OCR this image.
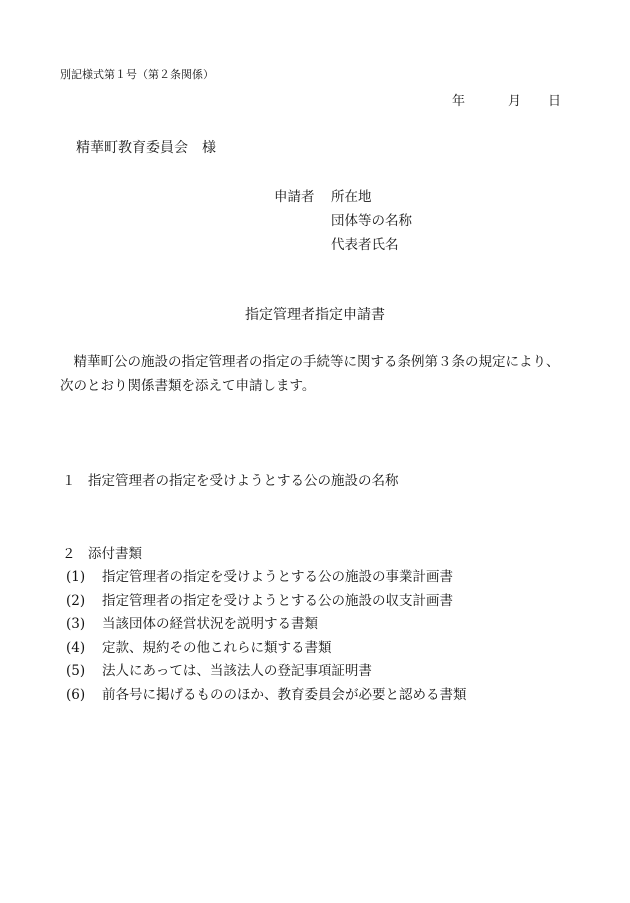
別記様式第１号（第２条関係）
年	月 日
精華町教育委員会　様
申請者 所在地
団体等の名称
代表者氏名
指定管理者指定申請書

精華町公の施設の指定管理者の指定の手続等に関する条例第３条の規定により、次のとおり関係書類を添えて申請します。

１ 指定管理者の指定を受けようとする公の施設の名称
２ 添付書類
(1) 指定管理者の指定を受けようとする公の施設の事業計画書
(2) 指定管理者の指定を受けようとする公の施設の収支計画書
(3) 当該団体の経営状況を説明する書類
(4) 定款、規約その他これらに類する書類
(5) 法人にあっては、当該法人の登記事項証明書
(6) 前各号に掲げるもののほか、教育委員会が必要と認める書類
